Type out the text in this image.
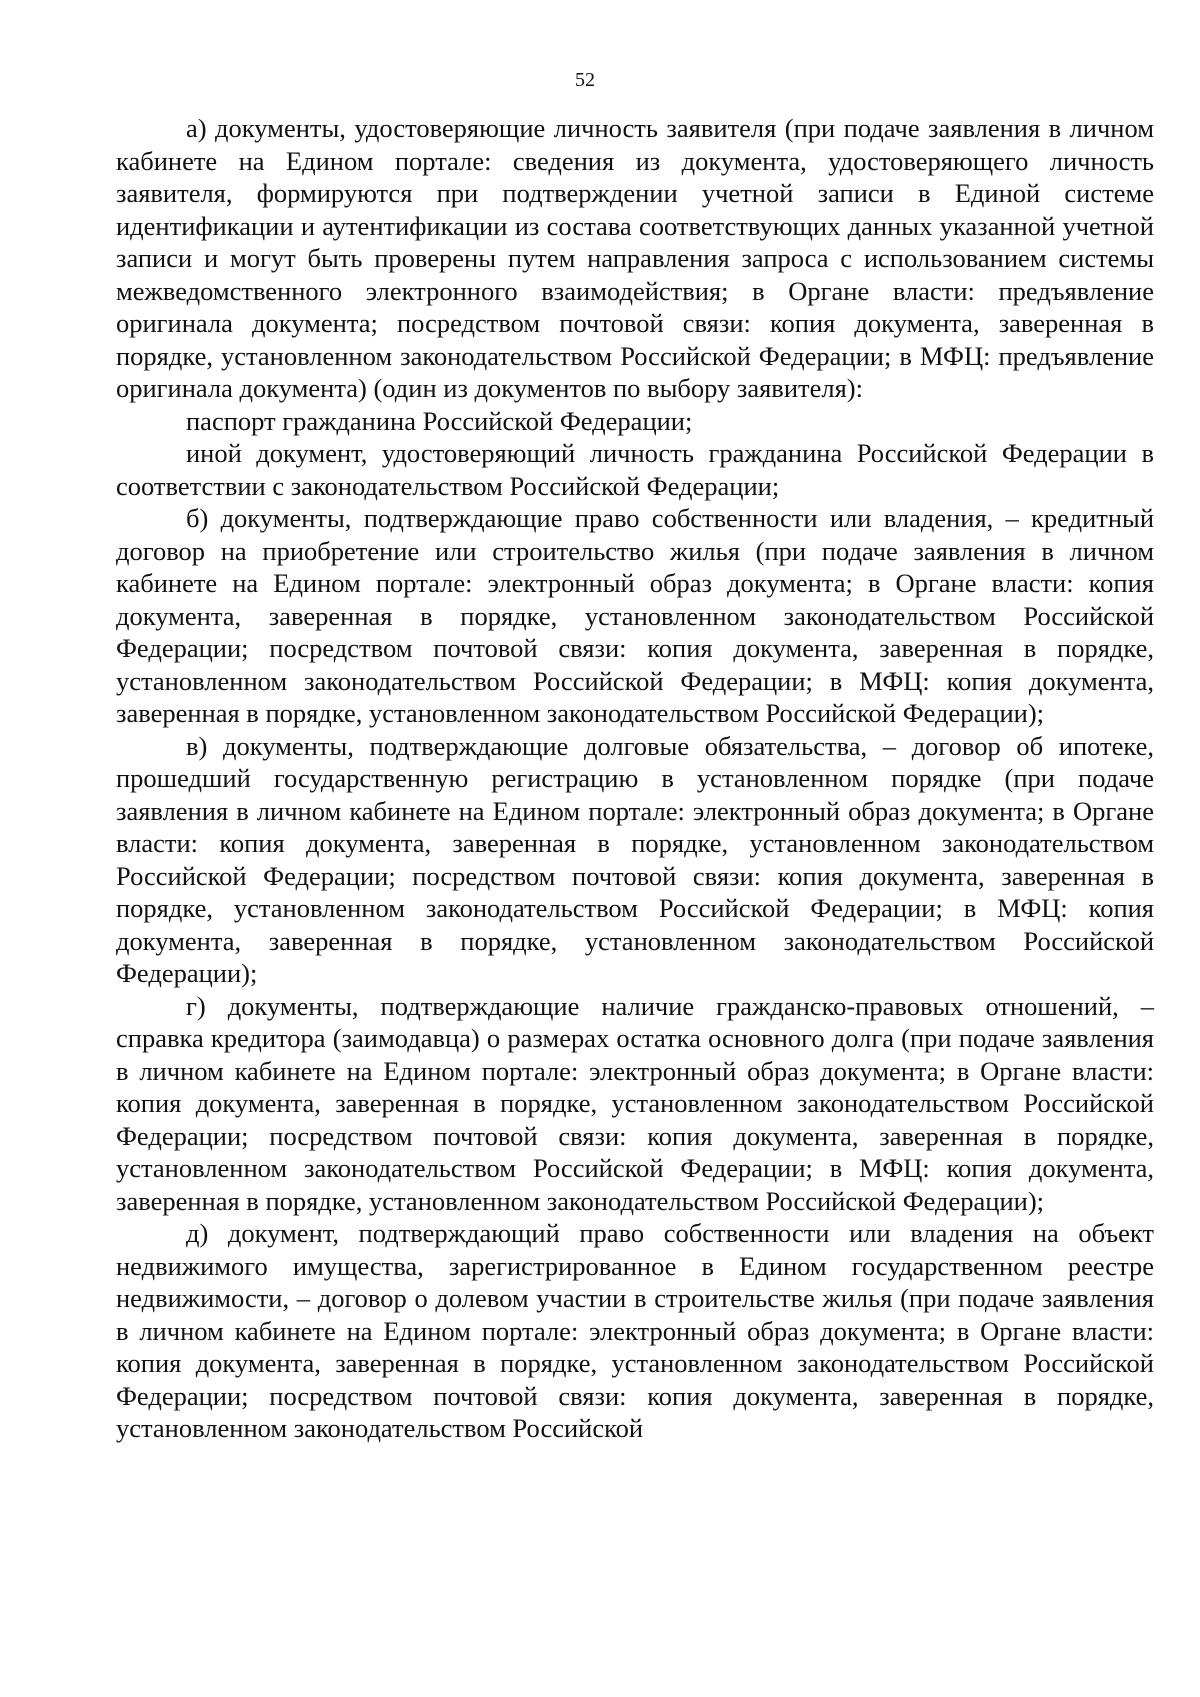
52

а) документы, удостоверяющие личность заявителя (при подаче заявления в личном кабинете на Едином портале: сведения из документа, удостоверяющего личность заявителя, формируются при подтверждении учетной записи в Единой системе идентификации и аутентификации из состава соответствующих данных указанной учетной записи и могут быть проверены путем направления запроса с использованием системы межведомственного электронного взаимодействия; в Органе власти: предъявление оригинала документа; посредством почтовой связи: копия документа, заверенная в порядке, установленном законодательством Российской Федерации; в МФЦ: предъявление оригинала документа) (один из документов по выбору заявителя):

паспорт гражданина Российской Федерации;

иной документ, удостоверяющий личность гражданина Российской Федерации в соответствии с законодательством Российской Федерации;

б) документы, подтверждающие право собственности или владения, – кредитный договор на приобретение или строительство жилья (при подаче заявления в личном кабинете на Едином портале: электронный образ документа; в Органе власти: копия документа, заверенная в порядке, установленном законодательством Российской Федерации; посредством почтовой связи: копия документа, заверенная в порядке, установленном законодательством Российской Федерации; в МФЦ: копия документа, заверенная в порядке, установленном законодательством Российской Федерации);

в) документы, подтверждающие долговые обязательства, – договор об ипотеке, прошедший государственную регистрацию в установленном порядке (при подаче заявления в личном кабинете на Едином портале: электронный образ документа; в Органе власти: копия документа, заверенная в порядке, установленном законодательством Российской Федерации; посредством почтовой связи: копия документа, заверенная в порядке, установленном законодательством Российской Федерации; в МФЦ: копия документа, заверенная в порядке, установленном законодательством Российской Федерации);

г) документы, подтверждающие наличие гражданско-правовых отношений, – справка кредитора (заимодавца) о размерах остатка основного долга (при подаче заявления в личном кабинете на Едином портале: электронный образ документа; в Органе власти: копия документа, заверенная в порядке, установленном законодательством Российской Федерации; посредством почтовой связи: копия документа, заверенная в порядке, установленном законодательством Российской Федерации; в МФЦ: копия документа, заверенная в порядке, установленном законодательством Российской Федерации);

д) документ, подтверждающий право собственности или владения на объект недвижимого имущества, зарегистрированное в Едином государственном реестре недвижимости, – договор о долевом участии в строительстве жилья (при подаче заявления в личном кабинете на Едином портале: электронный образ документа; в Органе власти: копия документа, заверенная в порядке, установленном законодательством Российской Федерации; посредством почтовой связи: копия документа, заверенная в порядке, установленном законодательством Российской
